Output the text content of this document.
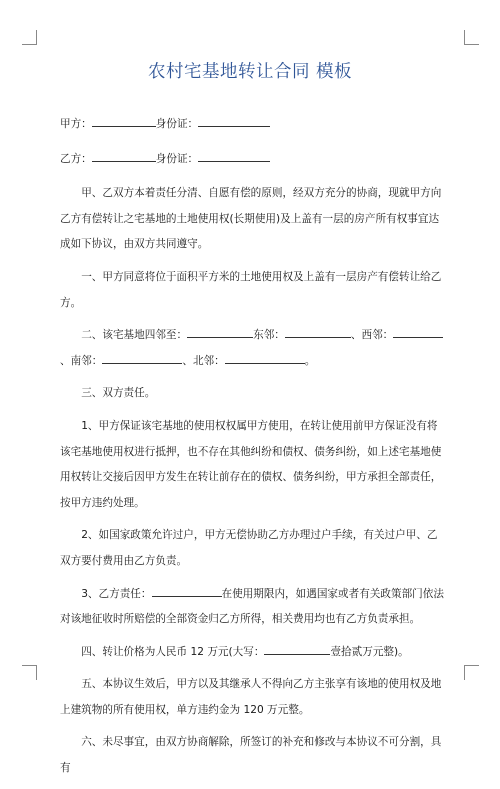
农村宅基地转让合同 模板

甲方：	身份证：

乙方：	身份证：

甲、乙双方本着责任分清、自愿有偿的原则，经双方充分的协商，现就甲方向乙方有偿转让之宅基地的土地使用权(长期使用)及上盖有一层的房产所有权事宜达成如下协议，由双方共同遵守。

一、甲方同意将位于面积平方米的土地使用权及上盖有一层房产有偿转让给乙方。

二、该宅基地四邻至：	东邻：	、西邻：、南邻：	、北邻：	。

三、双方责任。

1、甲方保证该宅基地的使用权权属甲方使用，在转让使用前甲方保证没有将该宅基地使用权进行抵押，也不存在其他纠纷和债权、债务纠纷，如上述宅基地使用权转让交接后因甲方发生在转让前存在的债权、债务纠纷，甲方承担全部责任，按甲方违约处理。

2、如国家政策允许过户，甲方无偿协助乙方办理过户手续，有关过户甲、乙双方要付费用由乙方负责。

3、乙方责任：	在使用期限内，如遇国家或者有关政策部门依法对该地征收时所赔偿的全部资金归乙方所得，相关费用均也有乙方负责承担。

四、转让价格为人民币 12 万元(大写：	壹拾贰万元整)。

五、本协议生效后，甲方以及其继承人不得向乙方主张享有该地的使用权及地上建筑物的所有使用权，单方违约金为 120 万元整。

六、未尽事宜，由双方协商解除，所签订的补充和修改与本协议不可分割，具有
